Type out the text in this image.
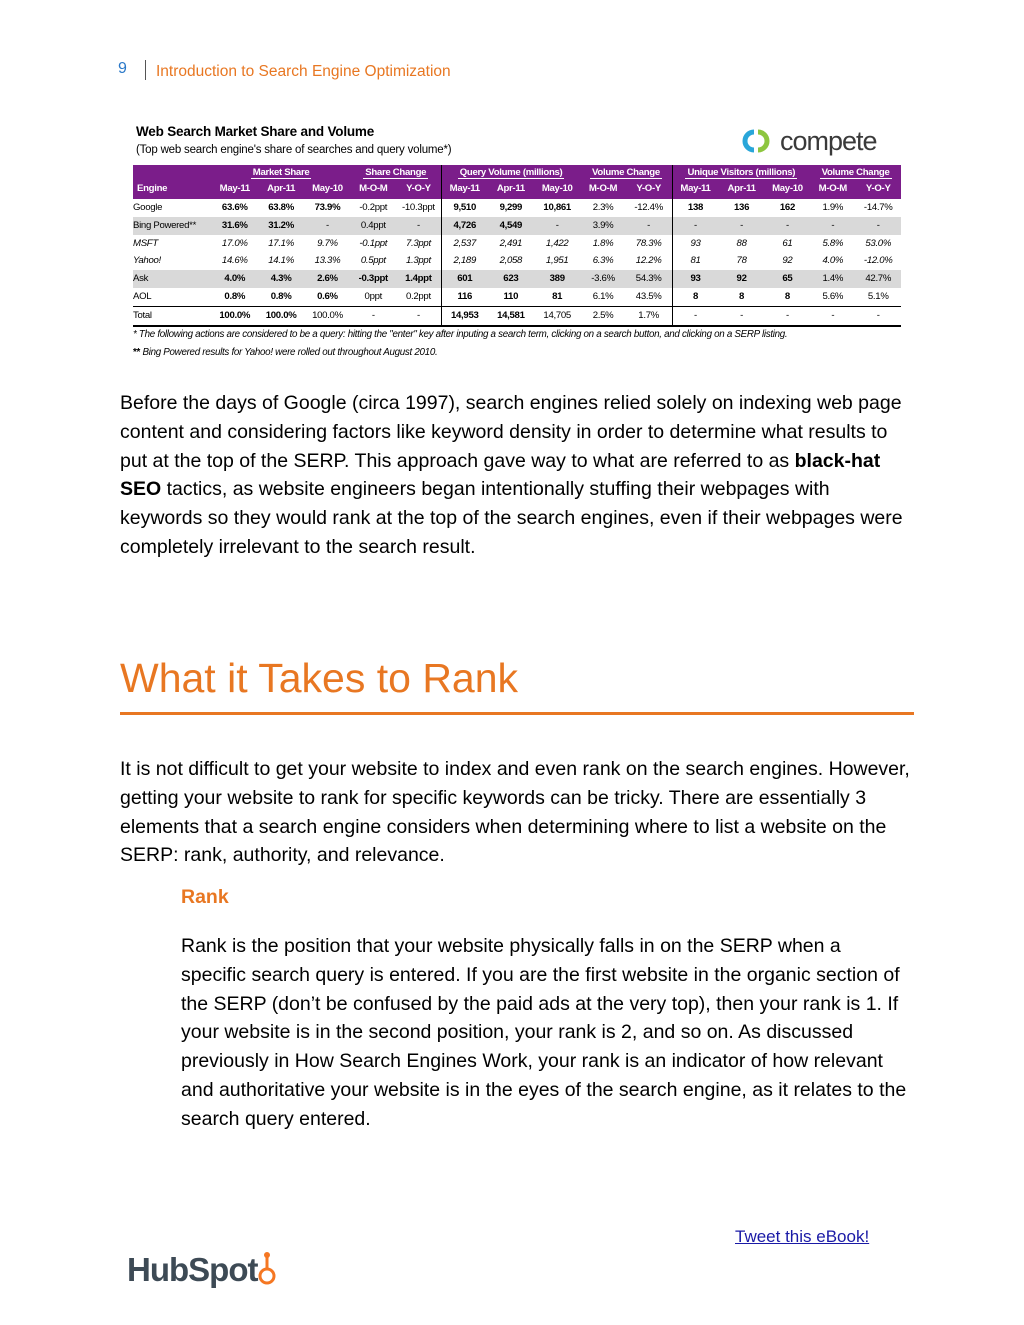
9 Introduction to Search Engine Optimization
Web Search Market Share and Volume
(Top web search engine's share of searches and query volume*)	compete
	Market Share			Share Change		Query Volume (millions)			Volume Change		Unique Visitors (millions)			Volume Change	
Engine	May-11	Apr-11	May-10	M-O-M	Y-O-Y	May-11	Apr-11	May-10	M-O-M	Y-O-Y	May-11	Apr-11	May-10	M-O-M	Y-O-Y
Google	63.6%	63.8%	73.9%	-0.2ppt	-10.3ppt	9,510	9,299	10,861	2.3%	-12.4%	138	136	162	1.9%	-14.7%
Bing Powered**	31.6%	31.2%	-	0.4ppt	-	4,726	4,549	-	3.9%	-	-	-	-	-	-
MSFT	17.0%	17.1%	9.7%	-0.1ppt	7.3ppt	2,537	2,491	1,422	1.8%	78.3%	93	88	61	5.8%	53.0%
Yahoo!	14.6%	14.1%	13.3%	0.5ppt	1.3ppt	2,189	2,058	1,951	6.3%	12.2%	81	78	92	4.0%	-12.0%
Ask	4.0%	4.3%	2.6%	-0.3ppt	1.4ppt	601	623	389	-3.6%	54.3%	93	92	65	1.4%	42.7%
AOL	0.8%	0.8%	0.6%	0ppt	0.2ppt	116	110	81	6.1%	43.5%	8	8	8	5.6%	5.1%
Total	100.0%	100.0%	100.0%	-	-	14,953	14,581	14,705	2.5%	1.7%	-	-	-	-	-
* The following actions are considered to be a query: hitting the "enter" key after inputing a search term, clicking on a search button, and clicking on a SERP listing.
** Bing Powered results for Yahoo! were rolled out throughout August 2010.

Before the days of Google (circa 1997), search engines relied solely on indexing web page content and considering factors like keyword density in order to determine what results to put at the top of the SERP. This approach gave way to what are referred to as black-hat SEO tactics, as website engineers began intentionally stuffing their webpages with keywords so they would rank at the top of the search engines, even if their webpages were completely irrelevant to the search result.

What it Takes to Rank

It is not difficult to get your website to index and even rank on the search engines. However, getting your website to rank for specific keywords can be tricky. There are essentially 3 elements that a search engine considers when determining where to list a website on the SERP: rank, authority, and relevance.

Rank

Rank is the position that your website physically falls in on the SERP when a specific search query is entered. If you are the first website in the organic section of the SERP (don’t be confused by the paid ads at the very top), then your rank is 1. If your website is in the second position, your rank is 2, and so on. As discussed previously in How Search Engines Work, your rank is an indicator of how relevant and authoritative your website is in the eyes of the search engine, as it relates to the search query entered.

Tweet this eBook!
HubSpot
